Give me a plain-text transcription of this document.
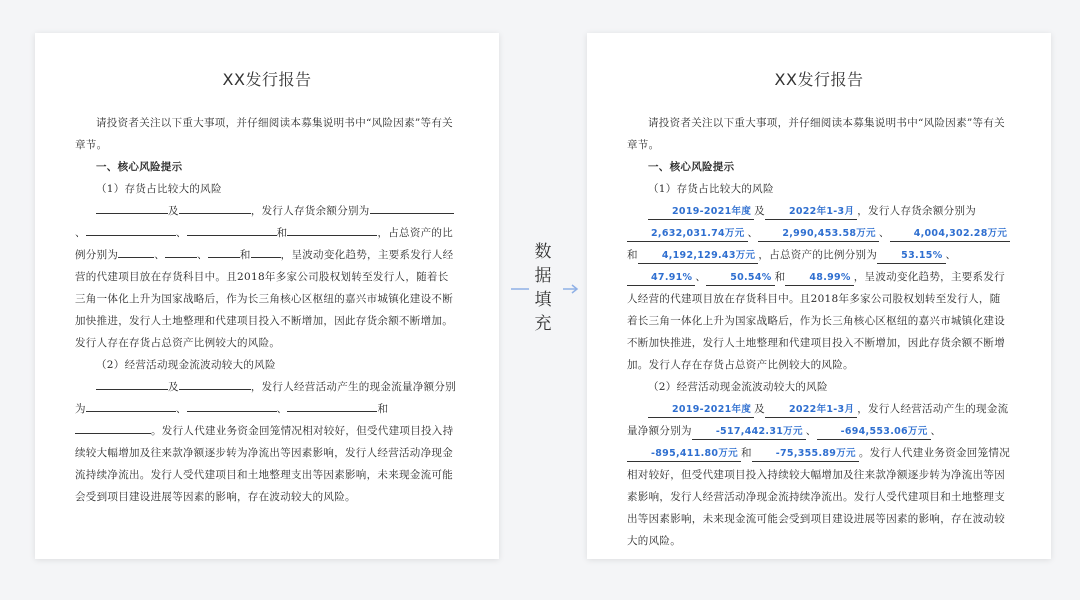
XX发行报告

请投资者关注以下重大事项，并仔细阅读本募集说明书中“风险因素”等有关章节。

一、核心风险提示

（1）存货占比较大的风险

及	，发行人存货余额分别为、	、	和	，占总资产的比例分别为	、	、	和	，呈波动变化趋势，主要系发行人经营的代建项目放在存货科目中。且2018年多家公司股权划转至发行人，随着长三角一体化上升为国家战略后，作为长三角核心区枢纽的嘉兴市城镇化建设不断加快推进，发行人土地整理和代建项目投入不断增加，因此存货余额不断增加。发行人存在存货占总资产比例较大的风险。

（2）经营活动现金流波动较大的风险

及	，发行人经营活动产生的现金流量净额分别为	、	、	和。发行人代建业务资金回笼情况相对较好，但受代建项目投入持续较大幅增加及往来款净额逐步转为净流出等因素影响，发行人经营活动净现金流持续净流出。发行人受代建项目和土地整理支出等因素影响，未来现金流可能会受到项目建设进展等因素的影响，存在波动较大的风险。

数
据
填
充
XX发行报告

请投资者关注以下重大事项，并仔细阅读本募集说明书中“风险因素”等有关章节。

一、核心风险提示

（1）存货占比较大的风险

2019-2021年度 及	2022年1-3月 ，发行人存货余额分别为2,632,031.74万元 、	2,990,453.58万元 、	4,004,302.28万元和	4,192,129.43万元 ，占总资产的比例分别为	53.15% 、47.91% 、	50.54% 和	48.99% ，呈波动变化趋势，主要系发行人经营的代建项目放在存货科目中。且2018年多家公司股权划转至发行人，随着长三角一体化上升为国家战略后，作为长三角核心区枢纽的嘉兴市城镇化建设不断加快推进，发行人土地整理和代建项目投入不断增加，因此存货余额不断增加。发行人存在存货占总资产比例较大的风险。

（2）经营活动现金流波动较大的风险

2019-2021年度 及	2022年1-3月 ，发行人经营活动产生的现金流量净额分别为	-517,442.31万元 、	-694,553.06万元 、-895,411.80万元 和	-75,355.89万元 。发行人代建业务资金回笼情况相对较好，但受代建项目投入持续较大幅增加及往来款净额逐步转为净流出等因素影响，发行人经营活动净现金流持续净流出。发行人受代建项目和土地整理支出等因素影响，未来现金流可能会受到项目建设进展等因素的影响，存在波动较大的风险。
